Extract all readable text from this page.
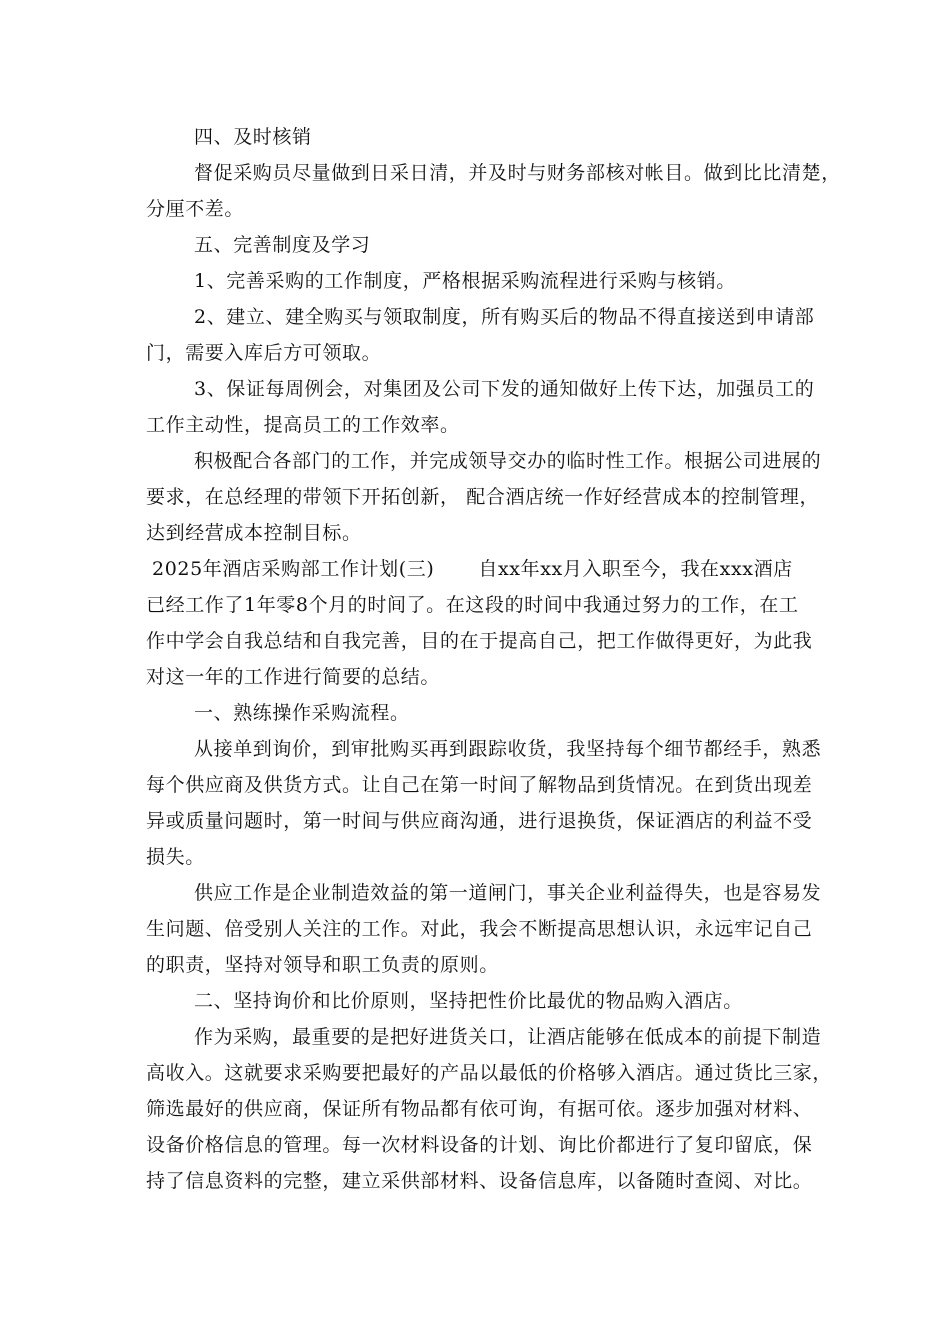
四、及时核销
督促采购员尽量做到日采日清，并及时与财务部核对帐目。做到比比清楚，
分厘不差。
五、完善制度及学习
1、完善采购的工作制度，严格根据采购流程进行采购与核销。
2、建立、建全购买与领取制度，所有购买后的物品不得直接送到申请部
门，需要入库后方可领取。
3、保证每周例会，对集团及公司下发的通知做好上传下达，加强员工的
工作主动性，提高员工的工作效率。
积极配合各部门的工作，并完成领导交办的临时性工作。根据公司进展的
要求，在总经理的带领下开拓创新， 配合酒店统一作好经营成本的控制管理，
达到经营成本控制目标。
2025年酒店采购部工作计划(三) 自xx年xx月入职至今，我在xxx酒店
已经工作了1年零8个月的时间了。在这段的时间中我通过努力的工作，在工
作中学会自我总结和自我完善，目的在于提高自己，把工作做得更好，为此我
对这一年的工作进行简要的总结。
一、熟练操作采购流程。
从接单到询价，到审批购买再到跟踪收货，我坚持每个细节都经手，熟悉
每个供应商及供货方式。让自己在第一时间了解物品到货情况。在到货出现差
异或质量问题时，第一时间与供应商沟通，进行退换货，保证酒店的利益不受
损失。
供应工作是企业制造效益的第一道闸门，事关企业利益得失，也是容易发
生问题、倍受别人关注的工作。对此，我会不断提高思想认识，永远牢记自己
的职责，坚持对领导和职工负责的原则。
二、坚持询价和比价原则，坚持把性价比最优的物品购入酒店。
作为采购，最重要的是把好进货关口，让酒店能够在低成本的前提下制造
高收入。这就要求采购要把最好的产品以最低的价格够入酒店。通过货比三家，
筛选最好的供应商，保证所有物品都有依可询，有据可依。逐步加强对材料、
设备价格信息的管理。每一次材料设备的计划、询比价都进行了复印留底，保
持了信息资料的完整，建立采供部材料、设备信息库，以备随时查阅、对比。
